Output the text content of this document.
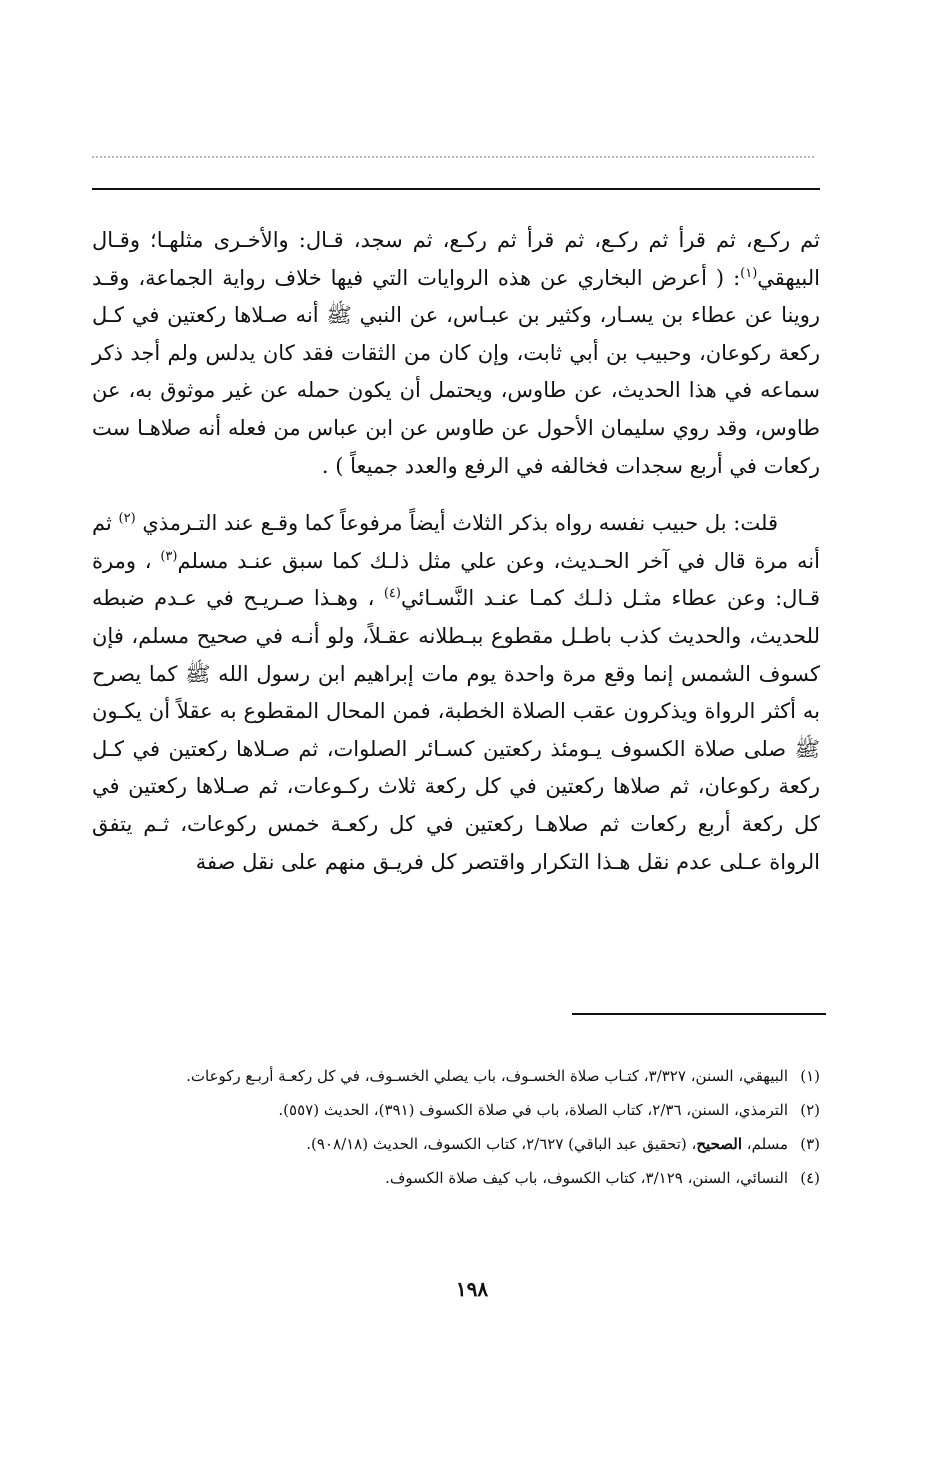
ثم ركـع، ثم قرأ ثم ركـع، ثم قرأ ثم ركـع، ثم سجد، قـال: والأخـرى مثلهـا؛ وقـال البيهقي$^{(١)}$: ( أعرض البخاري عن هذه الروايات التي فيها خلاف رواية الجماعة، وقـد روينا عن عطاء بن يسـار، وكثير بن عبـاس، عن النبي ﷺ أنه صـلاها ركعتين في كـل ركعة ركوعان، وحبيب بن أبي ثابت، وإن كان من الثقات فقد كان يدلس ولم أجد ذكر سماعه في هذا الحديث، عن طاوس، ويحتمل أن يكون حمله عن غير موثوق به، عن طاوس، وقد روي سليمان الأحول عن طاوس عن ابن عباس من فعله أنه صلاهـا ست ركعات في أربع سجدات فخالفه في الرفع والعدد جميعاً ) .

قلت: بل حبيب نفسه رواه بذكر الثلاث أيضاً مرفوعاً كما وقـع عند التـرمذي $^{(٢)}$ ثم أنه مرة قال في آخر الحـديث، وعن علي مثل ذلـك كما سبق عنـد مسلم$^{(٣)}$ ، ومرة قـال: وعن عطاء مثـل ذلـك كمـا عنـد النَّسـائي$^{(٤)}$ ، وهـذا صـريـح في عـدم ضبطه للحديث، والحديث كذب باطـل مقطوع ببـطلانه عقـلاً، ولو أنـه في صحيح مسلم، فإن كسوف الشمس إنما وقع مرة واحدة يوم مات إبراهيم ابن رسول الله ﷺ كما يصرح به أكثر الرواة ويذكرون عقب الصلاة الخطبة، فمن المحال المقطوع به عقلاً أن يكـون ﷺ صلى صلاة الكسوف يـومئذ ركعتين كسـائر الصلوات، ثم صـلاها ركعتين في كـل ركعة ركوعان، ثم صلاها ركعتين في كل ركعة ثلاث ركـوعات، ثم صـلاها ركعتين في كل ركعة أربع ركعات ثم صلاهـا ركعتين في كل ركعـة خمس ركوعات، ثـم يتفق الرواة عـلى عدم نقل هـذا التكرار واقتصر كل فريـق منهم على نقل صفة

(١)
البيهقي، السنن، ٣/٣٢٧، كتـاب صلاة الخسـوف، باب يصلي الخسـوف، في كل ركعـة أربـع ركوعات.
(٢)
الترمذي، السنن، ٢/٣٦، كتاب الصلاة، باب في صلاة الكسوف (٣٩١)، الحديث (٥٥٧).
(٣)
مسلم، الصحيح، (تحقيق عبد الباقي) ٢/٦٢٧، كتاب الكسوف، الحديث (٩٠٨/١٨).
(٤)
النسائي، السنن، ٣/١٢٩، كتاب الكسوف، باب كيف صلاة الكسوف.
١٩٨
